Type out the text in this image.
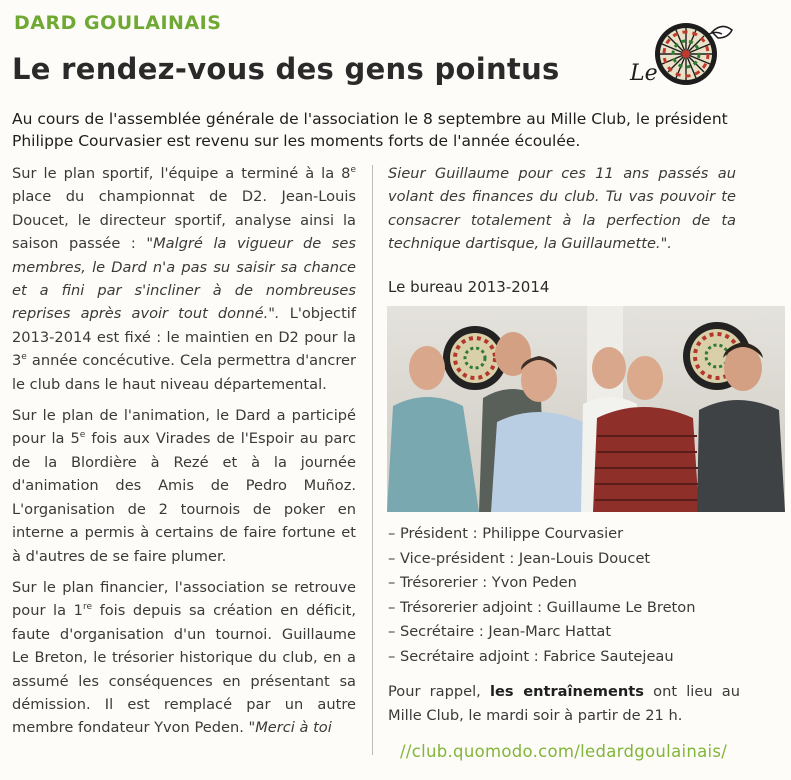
DARD GOULAINAIS
Le rendez-vous des gens pointus	Le
Au cours de l'assemblée générale de l'association le 8 septembre au Mille Club, le président Philippe Courvasier est revenu sur les moments forts de l'année écoulée.

Sur le plan sportif, l'équipe a terminé à la 8e place du championnat de D2. Jean-Louis Doucet, le directeur sportif, analyse ainsi la saison passée : "Malgré la vigueur de ses membres, le Dard n'a pas su saisir sa chance et a fini par s'incliner à de nombreuses reprises après avoir tout donné.". L'objectif 2013-2014 est fixé : le maintien en D2 pour la 3e année concécutive. Cela permettra d'ancrer le club dans le haut niveau départemental.

Sur le plan de l'animation, le Dard a participé pour la 5e fois aux Virades de l'Espoir au parc de la Blordière à Rezé et à la journée d'animation des Amis de Pedro Muñoz. L'organisation de 2 tournois de poker en interne a permis à certains de faire fortune et à d'autres de se faire plumer.

Sur le plan financier, l'association se retrouve pour la 1re fois depuis sa création en déficit, faute d'organisation d'un tournoi. Guillaume Le Breton, le trésorier historique du club, en a assumé les conséquences en présentant sa démission. Il est remplacé par un autre membre fondateur Yvon Peden. "Merci à toi

Sieur Guillaume pour ces 11 ans passés au volant des finances du club. Tu vas pouvoir te consacrer totalement à la perfection de ta technique dartisque, la Guillaumette.".

Le bureau 2013-2014
– Président : Philippe Courvasier
– Vice-président : Jean-Louis Doucet
– Trésorerier : Yvon Peden
– Trésorerier adjoint : Guillaume Le Breton
– Secrétaire : Jean-Marc Hattat
– Secrétaire adjoint : Fabrice Sautejeau
Pour rappel, les entraînements ont lieu au Mille Club, le mardi soir à partir de 21 h.
//club.quomodo.com/ledardgoulainais/
